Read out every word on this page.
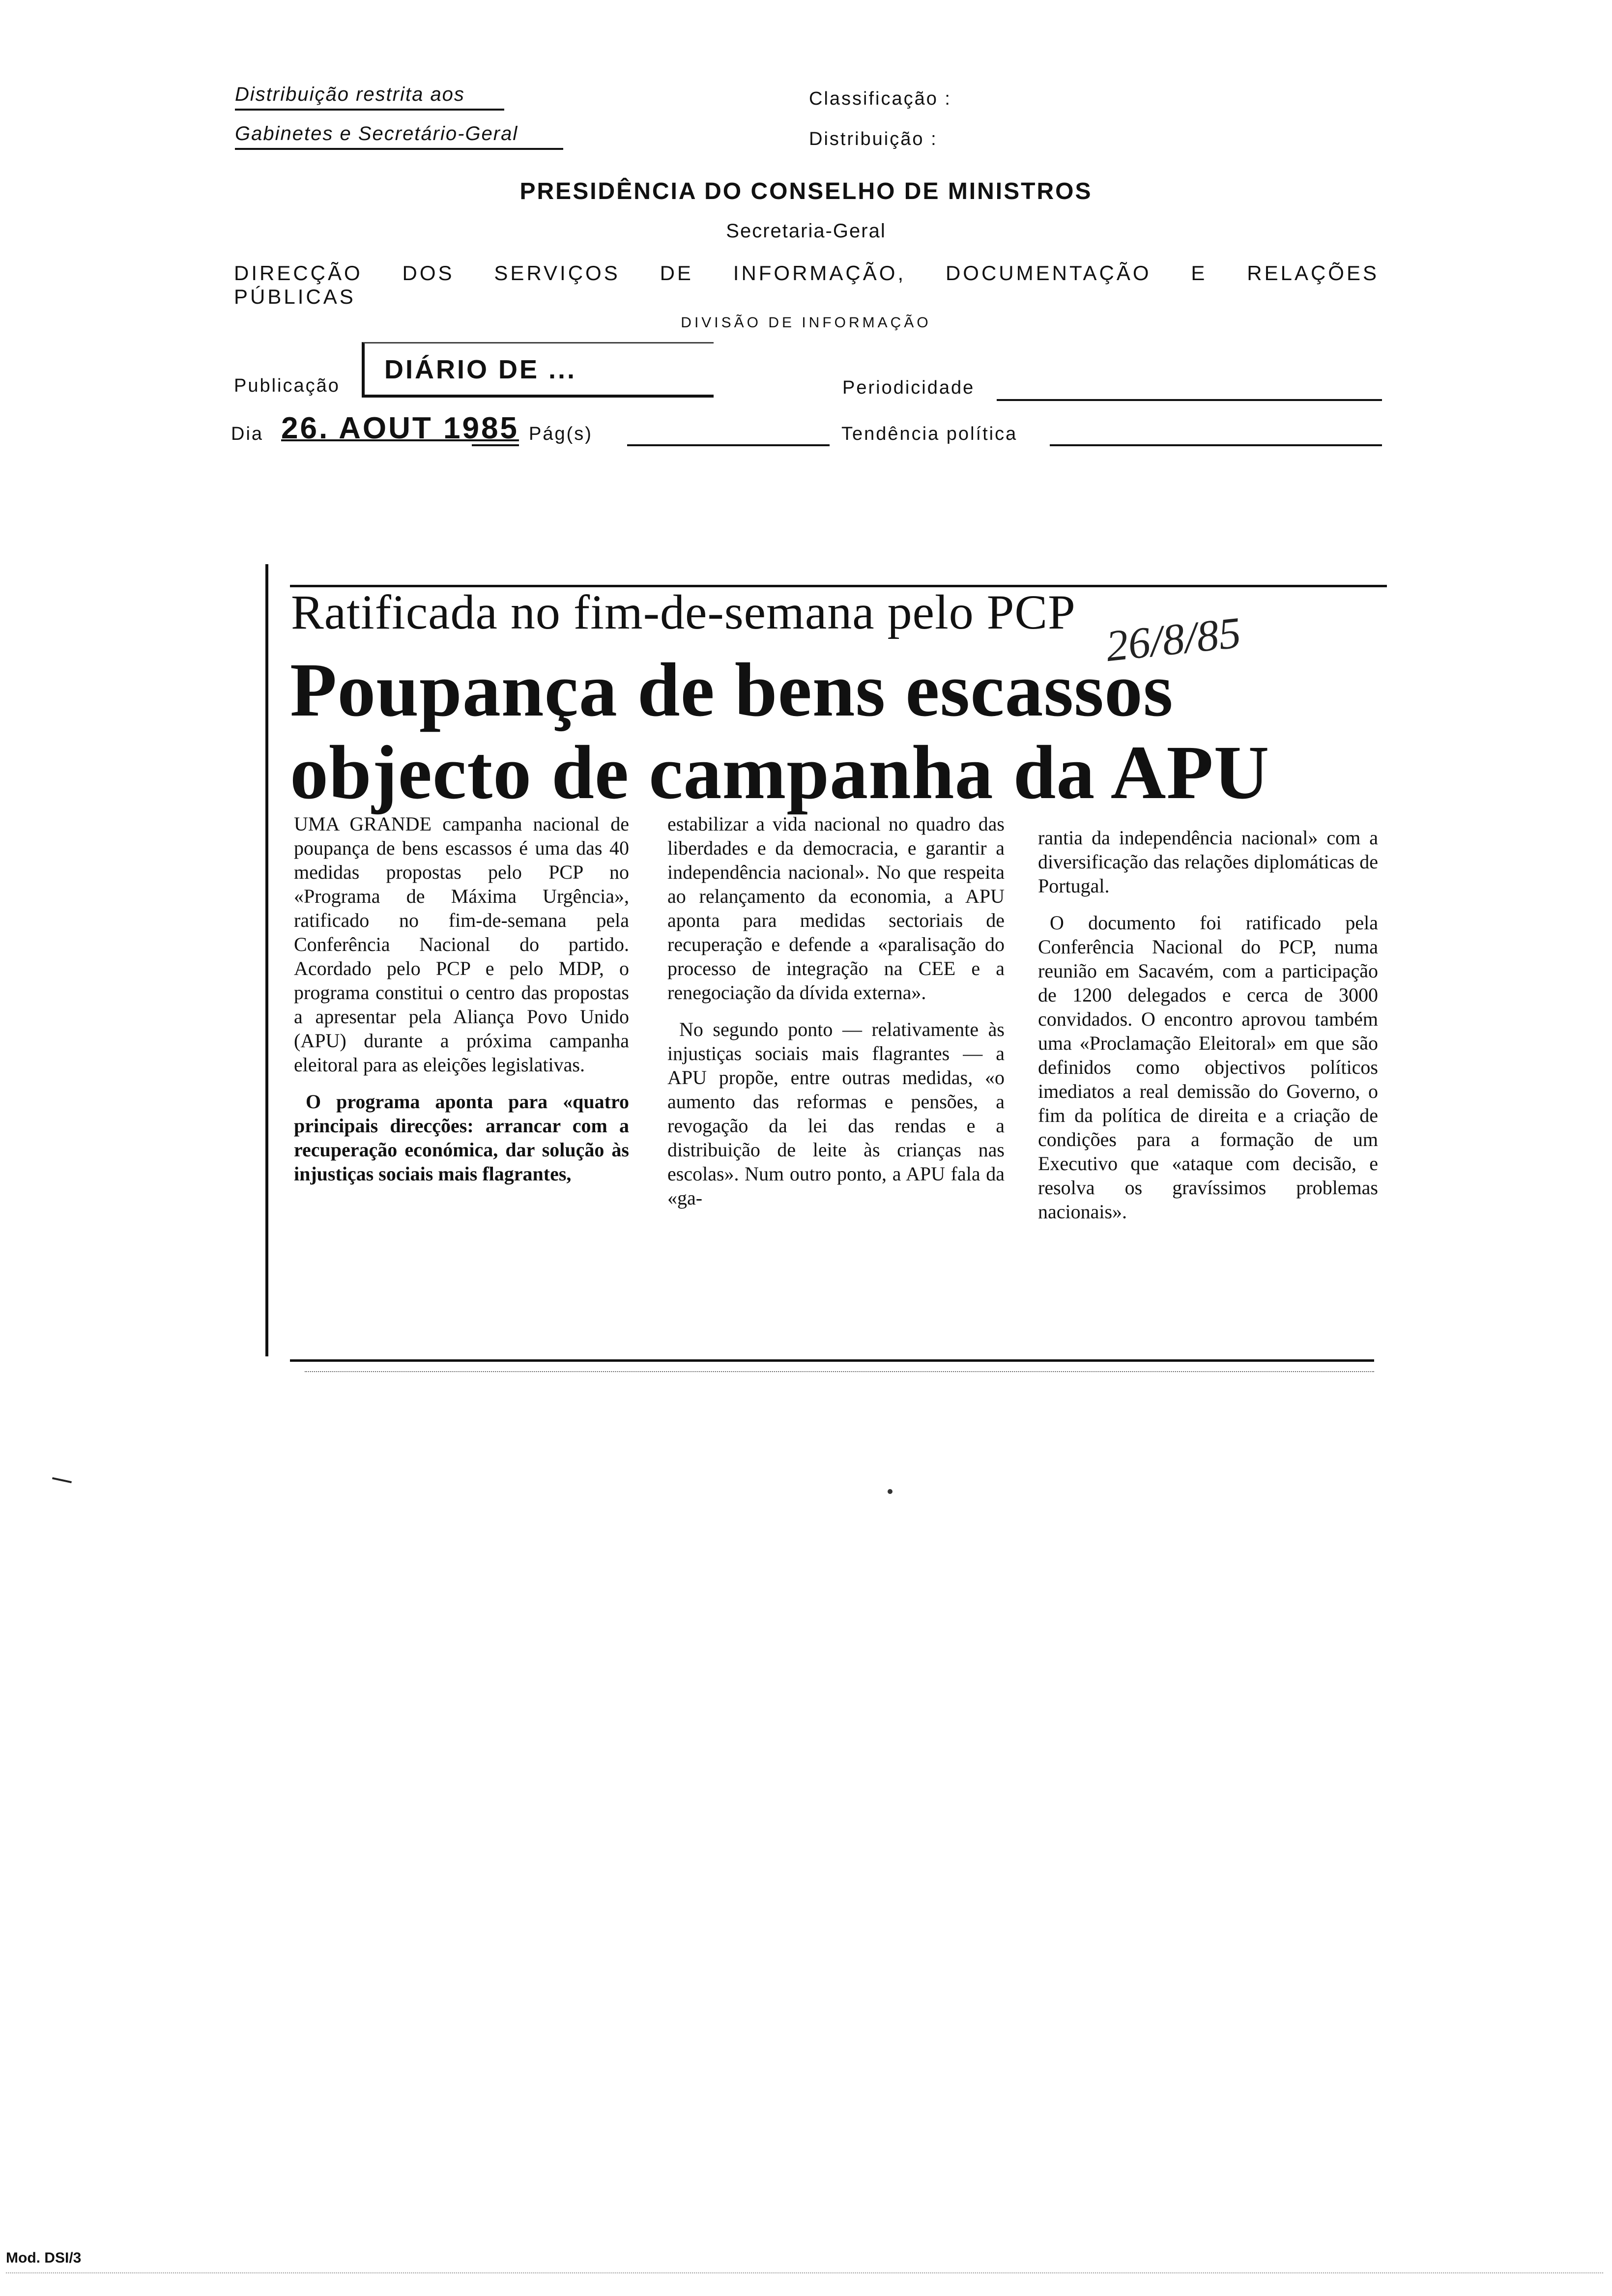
Distribuição restrita aos
Gabinetes e Secretário-Geral
Classificação :
Distribuição :
PRESIDÊNCIA DO CONSELHO DE MINISTROS
Secretaria-Geral
DIRECÇÃO DOS SERVIÇOS DE INFORMAÇÃO, DOCUMENTAÇÃO E RELAÇÕES PÚBLICAS
DIVISÃO DE INFORMAÇÃO
Publicação
DIÁRIO DE ...
Periodicidade
Dia 26. AOUT 1985 Pág(s)	Tendência política
Ratificada no fim-de-semana pelo PCP 26/8/85
Poupança de bens escassos
objecto de campanha da APU

UMA GRANDE campanha nacional de poupança de bens escassos é uma das 40 medidas propostas pelo PCP no «Programa de Máxima Urgência», ratificado no fim-de-semana pela Conferência Nacional do partido. Acordado pelo PCP e pelo MDP, o programa constitui o centro das propostas a apresentar pela Aliança Povo Unido (APU) durante a próxima campanha eleitoral para as eleições legislativas.

O programa aponta para «quatro principais direcções: arrancar com a recuperação económica, dar solução às injustiças sociais mais flagrantes,

estabilizar a vida nacional no quadro das liberdades e da democracia, e garantir a independência nacional». No que respeita ao relançamento da economia, a APU aponta para medidas sectoriais de recuperação e defende a «paralisação do processo de integração na CEE e a renegociação da dívida externa».

No segundo ponto — relativamente às injustiças sociais mais flagrantes — a APU propõe, entre outras medidas, «o aumento das reformas e pensões, a revogação da lei das rendas e a distribuição de leite às crianças nas escolas». Num outro ponto, a APU fala da «ga-

rantia da independência nacional» com a diversificação das relações diplomáticas de Portugal.

O documento foi ratificado pela Conferência Nacional do PCP, numa reunião em Sacavém, com a participação de 1200 delegados e cerca de 3000 convidados. O encontro aprovou também uma «Proclamação Eleitoral» em que são definidos como objectivos políticos imediatos a real demissão do Governo, o fim da política de direita e a criação de condições para a formação de um Executivo que «ataque com decisão, e resolva os gravíssimos problemas nacionais».

Mod. DSI/3
